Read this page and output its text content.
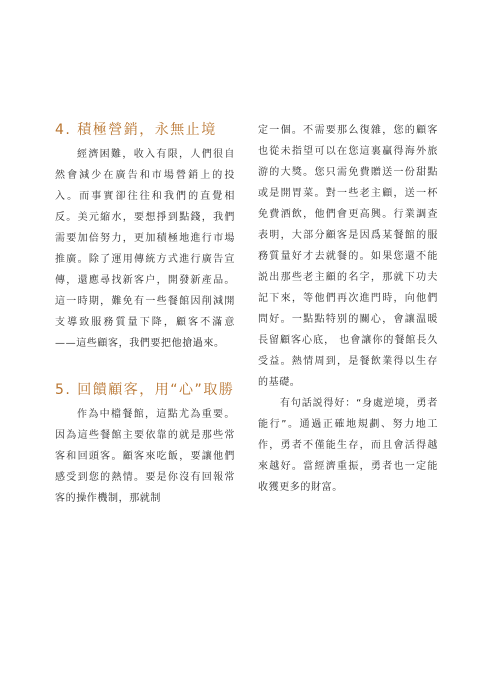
4. 積極營銷，永無止境

經濟困難，收入有限，人們很自然會減少在廣告和市場營銷上的投入。而事實卻往往和我們的直覺相反。美元縮水，要想掙到點錢，我們需要加倍努力，更加積極地進行市場推廣。除了運用傳統方式進行廣告宣傳，還應尋找新客户，開發新產品。這一時期，難免有一些餐館因削減開支導致服務質量下降，顧客不滿意——這些顧客，我們要把他搶過來。

5. 回饋顧客，用“心”取勝

作為中檔餐館，這點尤為重要。因為這些餐館主要依靠的就是那些常客和回頭客。顧客來吃飯，要讓他們感受到您的熱情。要是你沒有回報常客的操作機制，那就制

定一個。不需要那么復雜，您的顧客也從未指望可以在您這裏贏得海外旅游的大獎。您只需免費贈送一份甜點或是開胃菜。對一些老主顧，送一杯免費酒飲，他們會更高興。行業調查表明，大部分顧客是因爲某餐館的服務質量好才去就餐的。如果您還不能説出那些老主顧的名字，那就下功夫記下來，等他們再次進門時，向他們問好。一點點特别的關心，會讓温暖長留顧客心底， 也會讓你的餐館長久受益。熱情周到，是餐飲業得以生存的基礎。

有句話説得好：“身處逆境，勇者能行”。通過正確地規劃、努力地工作，勇者不僅能生存，而且會活得越來越好。當經濟重振，勇者也一定能收獲更多的財富。
